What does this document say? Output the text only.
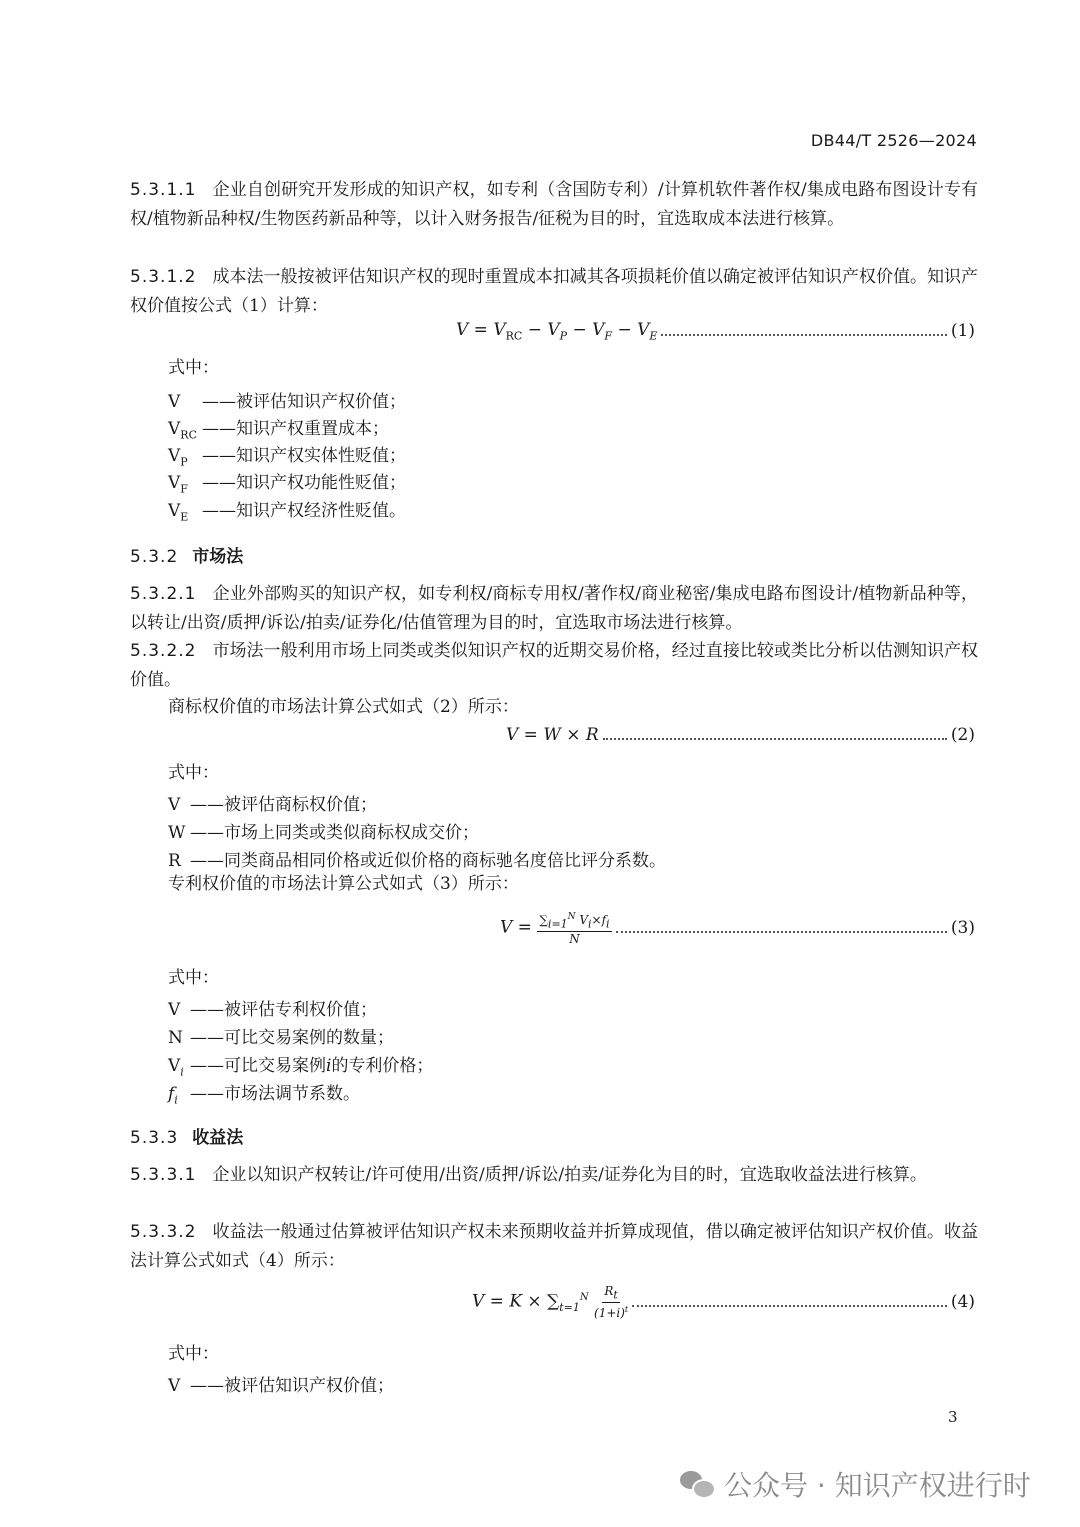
DB44/T 2526—2024
5.3.1.1 企业自创研究开发形成的知识产权，如专利（含国防专利）/计算机软件著作权/集成电路布图设计专有权/植物新品种权/生物医药新品种等，以计入财务报告/征税为目的时，宜选取成本法进行核算。
5.3.1.2 成本法一般按被评估知识产权的现时重置成本扣减其各项损耗价值以确定被评估知识产权价值。知识产权价值按公式（1）计算：
$V = V_{RC} - V_P - V_F - V_E$	(1)
式中：
V ——被评估知识产权价值；
$V_{RC}$ ——知识产权重置成本；
$V_P$ ——知识产权实体性贬值；
$V_F$ ——知识产权功能性贬值；
$V_E$ ——知识产权经济性贬值。
5.3.2 市场法
5.3.2.1 企业外部购买的知识产权，如专利权/商标专用权/著作权/商业秘密/集成电路布图设计/植物新品种等，以转让/出资/质押/诉讼/拍卖/证券化/估值管理为目的时，宜选取市场法进行核算。
5.3.2.2 市场法一般利用市场上同类或类似知识产权的近期交易价格，经过直接比较或类比分析以估测知识产权价值。
商标权价值的市场法计算公式如式（2）所示：
V = W × R	(2)
式中：
V ——被评估商标权价值；
W ——市场上同类或类似商标权成交价；
R ——同类商品相同价格或近似价格的商标驰名度倍比评分系数。
专利权价值的市场法计算公式如式（3）所示：
$V = \frac{\sum_{i=1}^N V_i\times f_i}{N}$	(3)
式中：
V ——被评估专利权价值；
N ——可比交易案例的数量；
$V_i$ ——可比交易案例i的专利价格；
$f_i$ ——市场法调节系数。
5.3.3 收益法
5.3.3.1 企业以知识产权转让/许可使用/出资/质押/诉讼/拍卖/证券化为目的时，宜选取收益法进行核算。
5.3.3.2 收益法一般通过估算被评估知识产权未来预期收益并折算成现值，借以确定被评估知识产权价值。收益法计算公式如式（4）所示：
$V = K \times \sum_{t=1}^N \frac{R_t}{(1+i)^t}$	(4)
式中：
V ——被评估知识产权价值；
3
公众号 · 知识产权进行时
